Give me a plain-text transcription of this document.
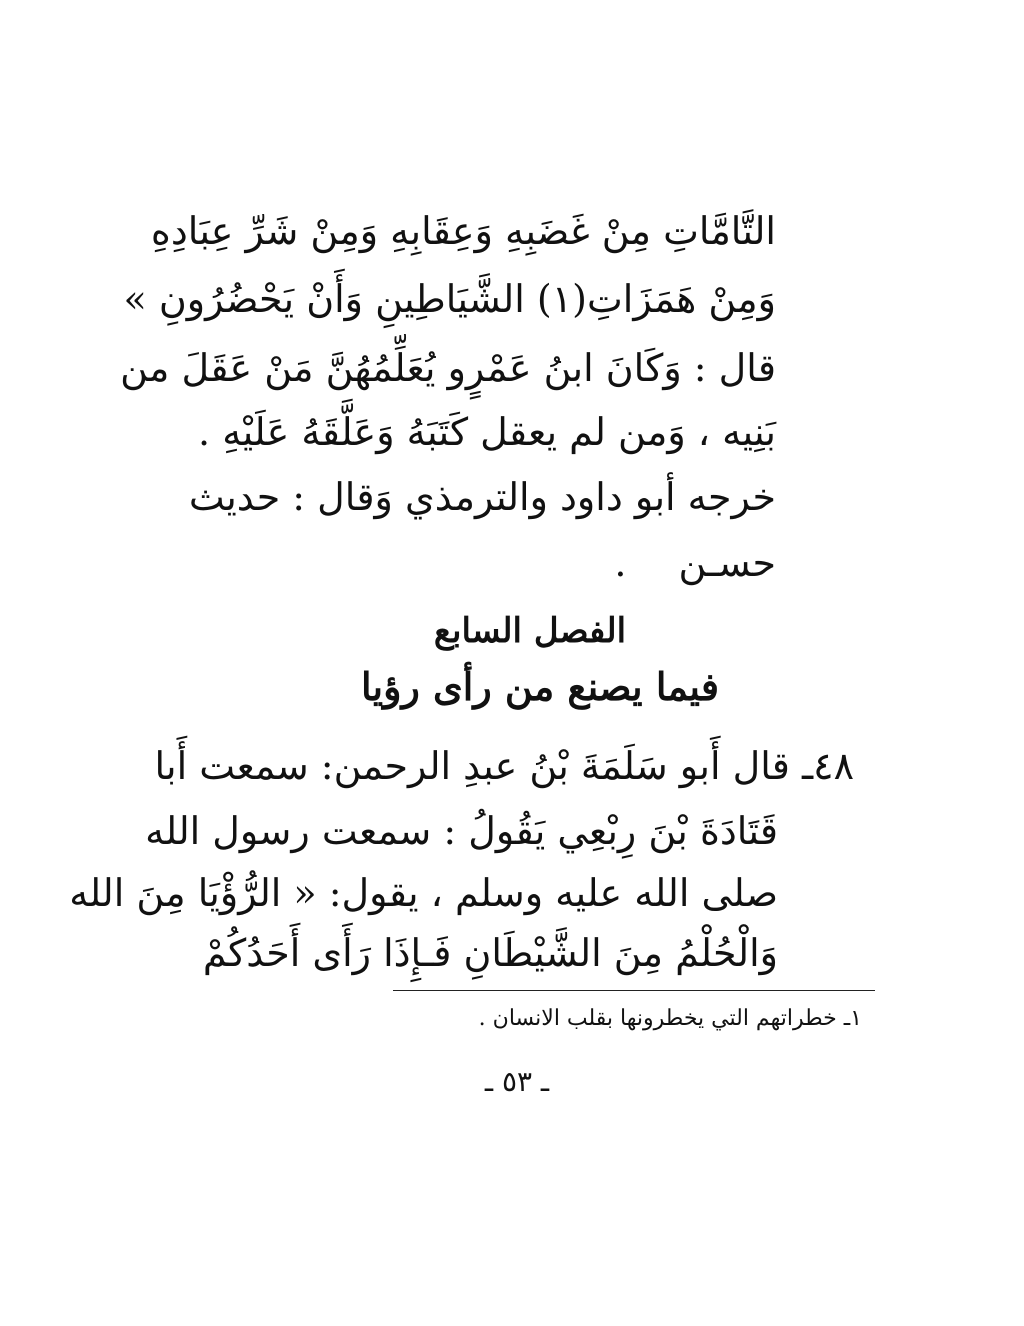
التَّامَّاتِ مِنْ غَضَبِهِ وَعِقَابِهِ وَمِنْ شَرِّ عِبَادِهِ
وَمِنْ هَمَزَاتِ(١) الشَّيَاطِينِ وَأَنْ يَحْضُرُونِ »
قال : وَكَانَ ابنُ عَمْرٍو يُعَلِّمُهُنَّ مَنْ عَقَلَ من
بَنِيه ، وَمن لم يعقل كَتَبَهُ وَعَلَّقَهُ عَلَيْهِ .
خرجه أبو داود والترمذي وَقال : حديث
حسـن .
الفصل السابع
فيما يصنع من رأى رؤيا
٤٨ـ قال أَبو سَلَمَةَ بْنُ عبدِ الرحمن: سمعت أَبا
قَتَادَةَ بْنَ رِبْعِي يَقُولُ : سمعت رسول الله
صلى الله عليه وسلم ، يقول: « الرُّؤْيَا مِنَ الله
وَالْحُلْمُ مِنَ الشَّيْطَانِ فَـإِذَا رَأَى أَحَدُكُمْ
١ـ خطراتهم التي يخطرونها بقلب الانسان .
ـ ٥٣ ـ
